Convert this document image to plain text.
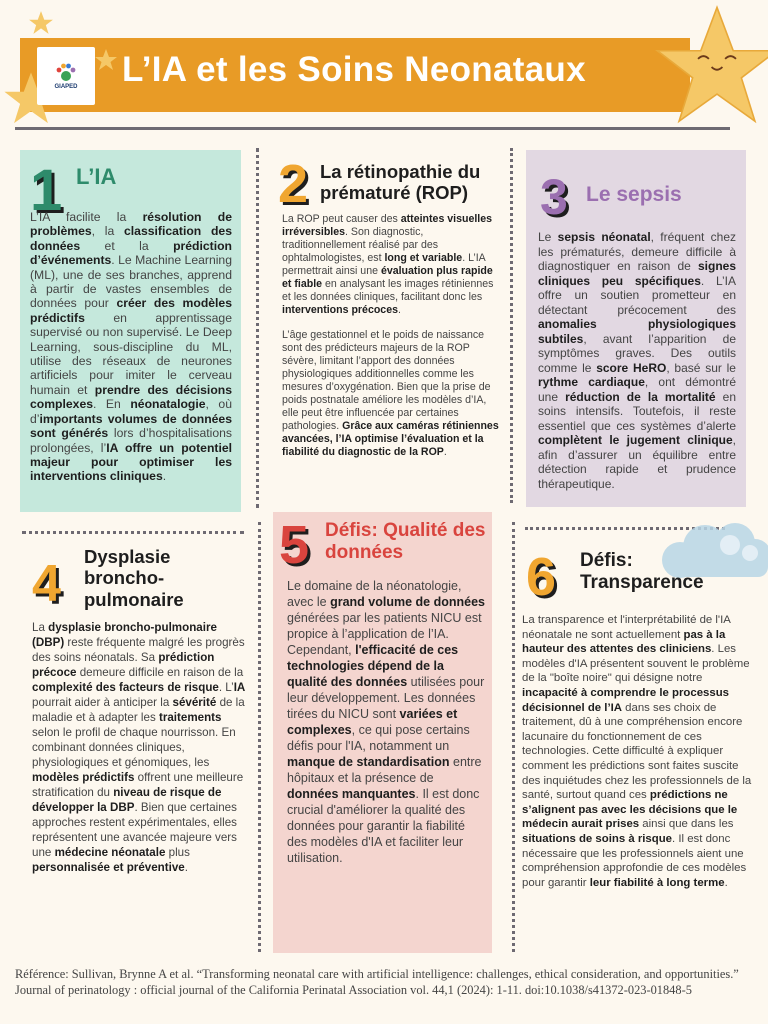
GIAPED L’IA et les Soins Neonataux
1 L’IA

L’IA facilite la résolution de problèmes, la classification des données et la prédiction d’événements. Le Machine Learning (ML), une de ses branches, apprend à partir de vastes ensembles de données pour créer des modèles prédictifs en apprentissage supervisé ou non supervisé. Le Deep Learning, sous-discipline du ML, utilise des réseaux de neurones artificiels pour imiter le cerveau humain et prendre des décisions complexes. En néonatalogie, où d’importants volumes de données sont générés lors d’hospitalisations prolongées, l’IA offre un potentiel majeur pour optimiser les interventions cliniques.

2 La rétinopathie du prématuré (ROP)

La ROP peut causer des atteintes visuelles irréversibles. Son diagnostic, traditionnellement réalisé par des ophtalmologistes, est long et variable. L’IA permettrait ainsi une évaluation plus rapide et fiable en analysant les images rétiniennes et les données cliniques, facilitant donc les interventions précoces.

L’âge gestationnel et le poids de naissance sont des prédicteurs majeurs de la ROP sévère, limitant l’apport des données physiologiques additionnelles comme les mesures d’oxygénation. Bien que la prise de poids postnatale améliore les modèles d’IA, elle peut être influencée par certaines pathologies. Grâce aux caméras rétiniennes avancées, l’IA optimise l’évaluation et la fiabilité du diagnostic de la ROP.

3 Le sepsis

Le sepsis néonatal, fréquent chez les prématurés, demeure difficile à diagnostiquer en raison de signes cliniques peu spécifiques. L’IA offre un soutien prometteur en détectant précocement des anomalies physiologiques subtiles, avant l’apparition de symptômes graves. Des outils comme le score HeRO, basé sur le rythme cardiaque, ont démontré une réduction de la mortalité en soins intensifs. Toutefois, il reste essentiel que ces systèmes d’alerte complètent le jugement clinique, afin d’assurer un équilibre entre détection rapide et prudence thérapeutique.

4 Dysplasie broncho-pulmonaire

La dysplasie broncho-pulmonaire (DBP) reste fréquente malgré les progrès des soins néonatals. Sa prédiction précoce demeure difficile en raison de la complexité des facteurs de risque. L’IA pourrait aider à anticiper la sévérité de la maladie et à adapter les traitements selon le profil de chaque nourrisson. En combinant données cliniques, physiologiques et génomiques, les modèles prédictifs offrent une meilleure stratification du niveau de risque de développer la DBP. Bien que certaines approches restent expérimentales, elles représentent une avancée majeure vers une médecine néonatale plus personnalisée et préventive.

5 Défis: Qualité des données

Le domaine de la néonatologie, avec le grand volume de données générées par les patients NICU est propice à l’application de l’IA. Cependant, l'efficacité de ces technologies dépend de la qualité des données utilisées pour leur développement. Les données tirées du NICU sont variées et complexes, ce qui pose certains défis pour l'IA, notamment un manque de standardisation entre hôpitaux et la présence de données manquantes. Il est donc crucial d'améliorer la qualité des données pour garantir la fiabilité des modèles d'IA et faciliter leur utilisation.

6 Défis: Transparence

La transparence et l'interprétabilité de l'IA néonatale ne sont actuellement pas à la hauteur des attentes des cliniciens. Les modèles d'IA présentent souvent le problème de la "boîte noire" qui désigne notre incapacité à comprendre le processus décisionnel de l’IA dans ses choix de traitement, dû à une compréhension encore lacunaire du fonctionnement de ces technologies. Cette difficulté à expliquer comment les prédictions sont faites suscite des inquiétudes chez les professionnels de la santé, surtout quand ces prédictions ne s’alignent pas avec les décisions que le médecin aurait prises ainsi que dans les situations de soins à risque. Il est donc nécessaire que les professionnels aient une compréhension approfondie de ces modèles pour garantir leur fiabilité à long terme.

Référence: Sullivan, Brynne A et al. “Transforming neonatal care with artificial intelligence: challenges, ethical consideration, and opportunities.” Journal of perinatology : official journal of the California Perinatal Association vol. 44,1 (2024): 1-11. doi:10.1038/s41372-023-01848-5
